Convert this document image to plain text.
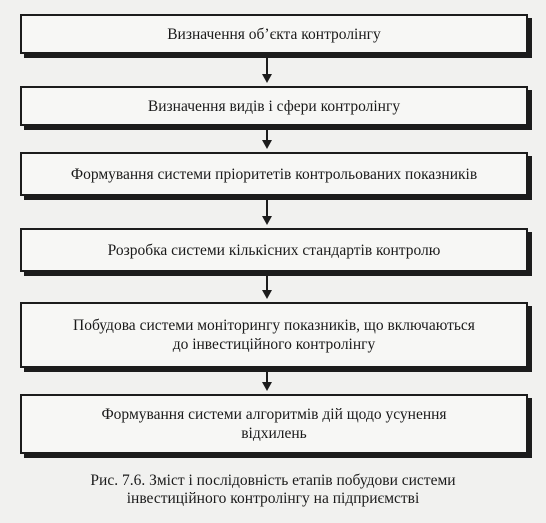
Визначення об’єкта контролінгу
Визначення видів і сфери контролінгу
Формування системи пріоритетів контрольованих показників
Розробка системи кількісних стандартів контролю
Побудова системи моніторингу показників, що включаються
до інвестиційного контролінгу
Формування системи алгоритмів дій щодо усунення
відхилень
Рис. 7.6. Зміст і послідовність етапів побудови системи
інвестиційного контролінгу на підприємстві
